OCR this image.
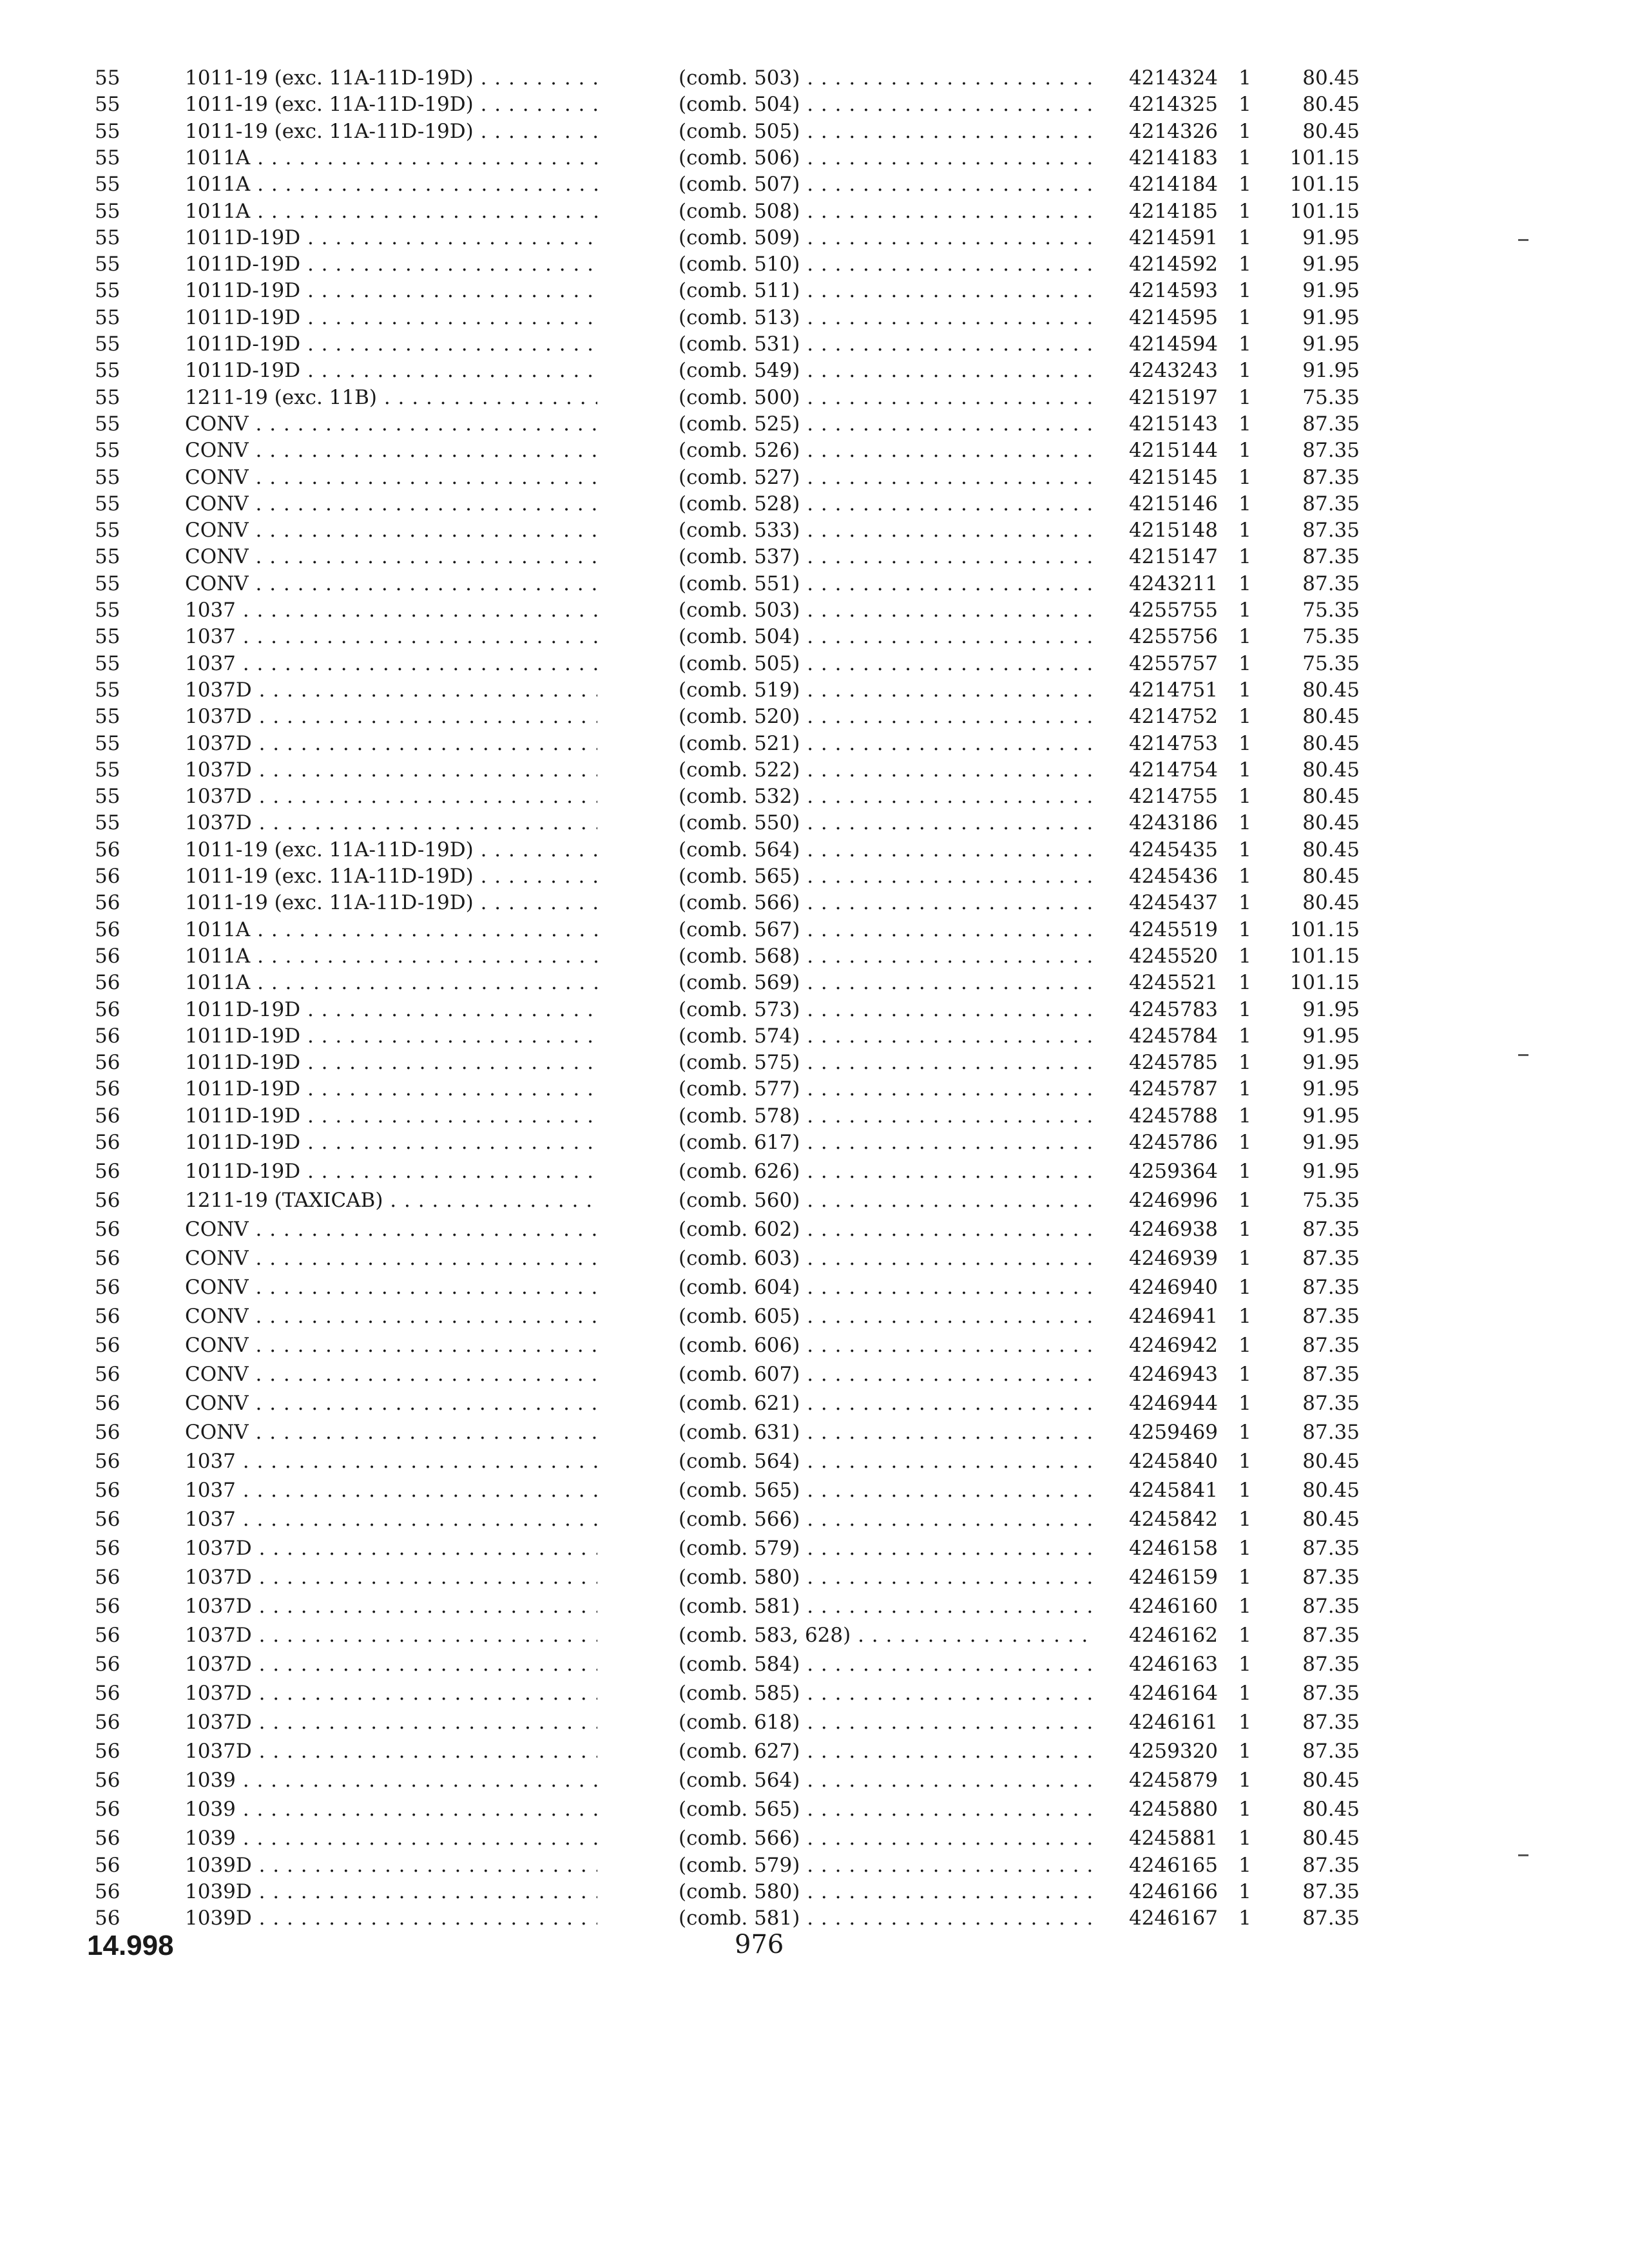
55	1011-19 (exc. 11A-11D-19D) . . .	(comb. 503) . . .	4214324	1	80.45
55	1011-19 (exc. 11A-11D-19D) . . .	(comb. 504) . . .	4214325	1	80.45
55	1011-19 (exc. 11A-11D-19D) . . .	(comb. 505) . . .	4214326	1	80.45
55	1011A . . .	(comb. 506) . . .	4214183	1	101.15
55	1011A . . .	(comb. 507) . . .	4214184	1	101.15
55	1011A . . .	(comb. 508) . . .	4214185	1	101.15
55	1011D-19D . . .	(comb. 509) . . .	4214591	1	91.95
55	1011D-19D . . .	(comb. 510) . . .	4214592	1	91.95
55	1011D-19D . . .	(comb. 511) . . .	4214593	1	91.95
55	1011D-19D . . .	(comb. 513) . . .	4214595	1	91.95
55	1011D-19D . . .	(comb. 531) . . .	4214594	1	91.95
55	1011D-19D . . .	(comb. 549) . . .	4243243	1	91.95
55	1211-19 (exc. 11B) . . .	(comb. 500) . . .	4215197	1	75.35
55	CONV . . .	(comb. 525) . . .	4215143	1	87.35
55	CONV . . .	(comb. 526) . . .	4215144	1	87.35
55	CONV . . .	(comb. 527) . . .	4215145	1	87.35
55	CONV . . .	(comb. 528) . . .	4215146	1	87.35
55	CONV . . .	(comb. 533) . . .	4215148	1	87.35
55	CONV . . .	(comb. 537) . . .	4215147	1	87.35
55	CONV . . .	(comb. 551) . . .	4243211	1	87.35
55	1037 . . .	(comb. 503) . . .	4255755	1	75.35
55	1037 . . .	(comb. 504) . . .	4255756	1	75.35
55	1037 . . .	(comb. 505) . . .	4255757	1	75.35
55	1037D . . .	(comb. 519) . . .	4214751	1	80.45
55	1037D . . .	(comb. 520) . . .	4214752	1	80.45
55	1037D . . .	(comb. 521) . . .	4214753	1	80.45
55	1037D . . .	(comb. 522) . . .	4214754	1	80.45
55	1037D . . .	(comb. 532) . . .	4214755	1	80.45
55	1037D . . .	(comb. 550) . . .	4243186	1	80.45
56	1011-19 (exc. 11A-11D-19D) . . .	(comb. 564) . . .	4245435	1	80.45
56	1011-19 (exc. 11A-11D-19D) . . .	(comb. 565) . . .	4245436	1	80.45
56	1011-19 (exc. 11A-11D-19D) . . .	(comb. 566) . . .	4245437	1	80.45
56	1011A . . .	(comb. 567) . . .	4245519	1	101.15
56	1011A . . .	(comb. 568) . . .	4245520	1	101.15
56	1011A . . .	(comb. 569) . . .	4245521	1	101.15
56	1011D-19D . . .	(comb. 573) . . .	4245783	1	91.95
56	1011D-19D . . .	(comb. 574) . . .	4245784	1	91.95
56	1011D-19D . . .	(comb. 575) . . .	4245785	1	91.95
56	1011D-19D . . .	(comb. 577) . . .	4245787	1	91.95
56	1011D-19D . . .	(comb. 578) . . .	4245788	1	91.95
56	1011D-19D . . .	(comb. 617) . . .	4245786	1	91.95
56	1011D-19D . . .	(comb. 626) . . .	4259364	1	91.95
56	1211-19 (TAXICAB) . . .	(comb. 560) . . .	4246996	1	75.35
56	CONV . . .	(comb. 602) . . .	4246938	1	87.35
56	CONV . . .	(comb. 603) . . .	4246939	1	87.35
56	CONV . . .	(comb. 604) . . .	4246940	1	87.35
56	CONV . . .	(comb. 605) . . .	4246941	1	87.35
56	CONV . . .	(comb. 606) . . .	4246942	1	87.35
56	CONV . . .	(comb. 607) . . .	4246943	1	87.35
56	CONV . . .	(comb. 621) . . .	4246944	1	87.35
56	CONV . . .	(comb. 631) . . .	4259469	1	87.35
56	1037 . . .	(comb. 564) . . .	4245840	1	80.45
56	1037 . . .	(comb. 565) . . .	4245841	1	80.45
56	1037 . . .	(comb. 566) . . .	4245842	1	80.45
56	1037D . . .	(comb. 579) . . .	4246158	1	87.35
56	1037D . . .	(comb. 580) . . .	4246159	1	87.35
56	1037D . . .	(comb. 581) . . .	4246160	1	87.35
56	1037D . . .	(comb. 583, 628) . . .	4246162	1	87.35
56	1037D . . .	(comb. 584) . . .	4246163	1	87.35
56	1037D . . .	(comb. 585) . . .	4246164	1	87.35
56	1037D . . .	(comb. 618) . . .	4246161	1	87.35
56	1037D . . .	(comb. 627) . . .	4259320	1	87.35
56	1039 . . .	(comb. 564) . . .	4245879	1	80.45
56	1039 . . .	(comb. 565) . . .	4245880	1	80.45
56	1039 . . .	(comb. 566) . . .	4245881	1	80.45
56	1039D . . .	(comb. 579) . . .	4246165	1	87.35
56	1039D . . .	(comb. 580) . . .	4246166	1	87.35
56	1039D . . .	(comb. 581) . . .	4246167	1	87.35
14.998	976
